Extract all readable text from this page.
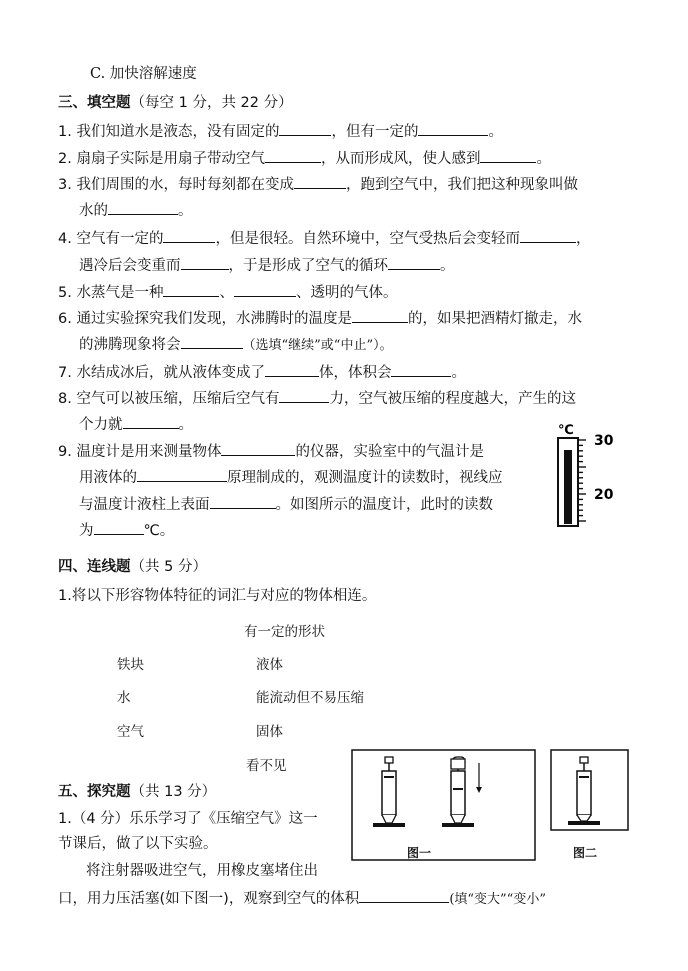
C. 加快溶解速度
三、填空题（每空 1 分，共 22 分）
1. 我们知道水是液态，没有固定的	，但有一定的	。
2. 扇扇子实际是用扇子带动空气	，从而形成风，使人感到	。
3. 我们周围的水，每时每刻都在变成	，跑到空气中，我们把这种现象叫做
水的	。
4. 空气有一定的	，但是很轻。自然环境中，空气受热后会变轻而	，
遇冷后会变重而	，于是形成了空气的循环	。
5. 水蒸气是一种	、	、透明的气体。
6. 通过实验探究我们发现，水沸腾时的温度是	的，如果把酒精灯撤走，水
的沸腾现象将会	（选填“继续”或“中止”）。
7. 水结成冰后，就从液体变成了	体，体积会	。
8. 空气可以被压缩，压缩后空气有	力，空气被压缩的程度越大，产生的这
个力就	。
9. 温度计是用来测量物体	的仪器，实验室中的气温计是
用液体的	原理制成的，观测温度计的读数时，视线应
与温度计液柱上表面	。如图所示的温度计，此时的读数
为	℃。
℃
30
20
四、连线题（共 5 分）
1.将以下形容物体特征的词汇与对应的物体相连。
有一定的形状
铁块	液体
水	能流动但不易压缩
空气	固体
看不见
五、探究题（共 13 分）
1.（4 分）乐乐学习了《压缩空气》这一
节课后，做了以下实验。
将注射器吸进空气，用橡皮塞堵住出
口，用力压活塞(如下图一)，观察到空气的体积	(填“变大”“变小”
图一	图二
